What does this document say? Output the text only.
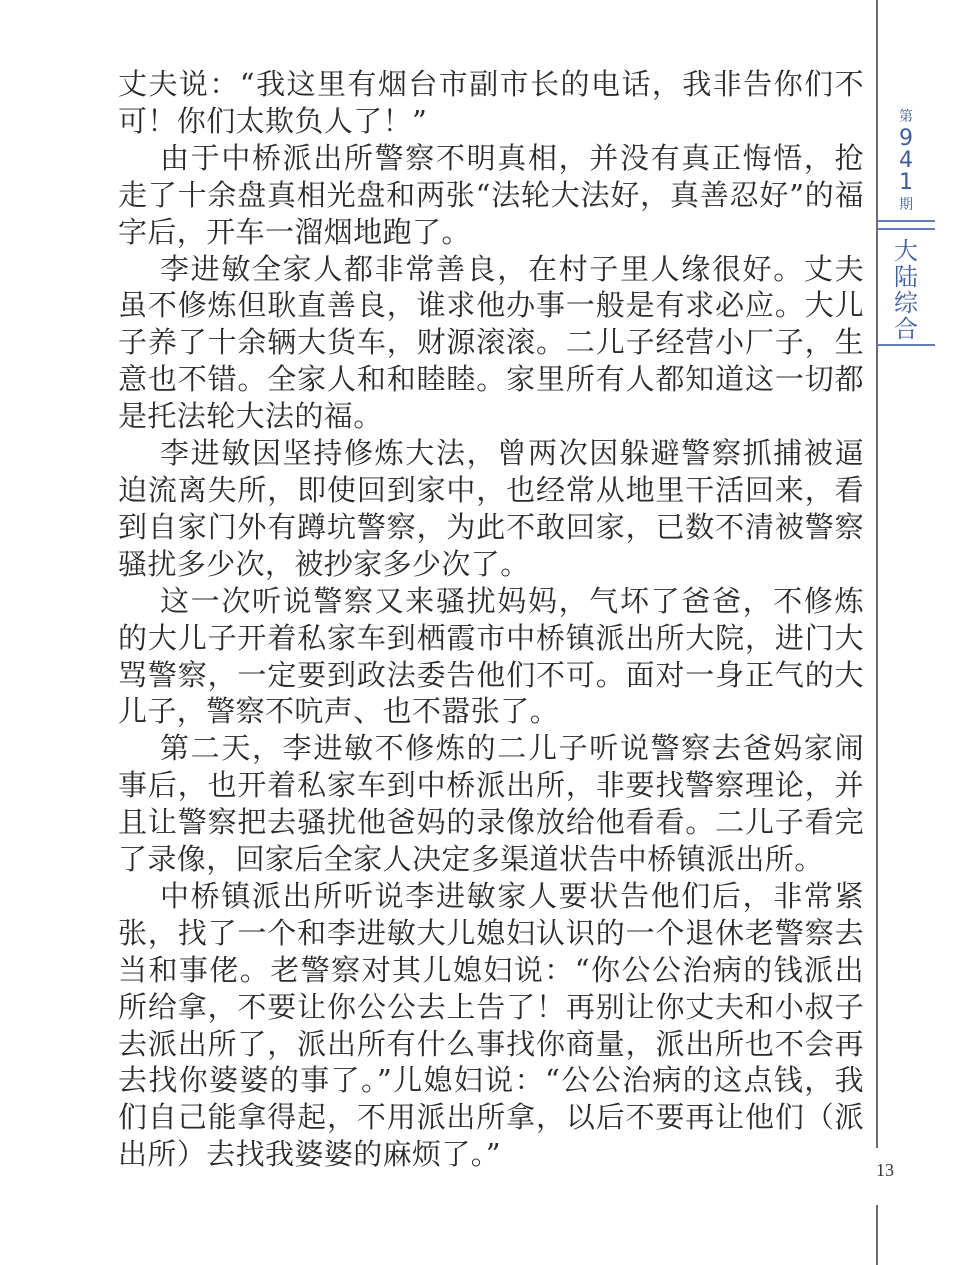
丈夫说：“我这里有烟台市副市长的电话，我非告你们不可！你们太欺负人了！”

由于中桥派出所警察不明真相，并没有真正悔悟，抢走了十余盘真相光盘和两张“法轮大法好，真善忍好”的福字后，开车一溜烟地跑了。

李进敏全家人都非常善良，在村子里人缘很好。丈夫虽不修炼但耿直善良，谁求他办事一般是有求必应。大儿子养了十余辆大货车，财源滚滚。二儿子经营小厂子，生意也不错。全家人和和睦睦。家里所有人都知道这一切都是托法轮大法的福。

李进敏因坚持修炼大法，曾两次因躲避警察抓捕被逼迫流离失所，即使回到家中，也经常从地里干活回来，看到自家门外有蹲坑警察，为此不敢回家，已数不清被警察骚扰多少次，被抄家多少次了。

这一次听说警察又来骚扰妈妈，气坏了爸爸，不修炼的大儿子开着私家车到栖霞市中桥镇派出所大院，进门大骂警察，一定要到政法委告他们不可。面对一身正气的大儿子，警察不吭声、也不嚣张了。

第二天，李进敏不修炼的二儿子听说警察去爸妈家闹事后，也开着私家车到中桥派出所，非要找警察理论，并且让警察把去骚扰他爸妈的录像放给他看看。二儿子看完了录像，回家后全家人决定多渠道状告中桥镇派出所。

中桥镇派出所听说李进敏家人要状告他们后，非常紧张，找了一个和李进敏大儿媳妇认识的一个退休老警察去当和事佬。老警察对其儿媳妇说：“你公公治病的钱派出所给拿，不要让你公公去上告了！再别让你丈夫和小叔子去派出所了，派出所有什么事找你商量，派出所也不会再去找你婆婆的事了。”儿媳妇说：“公公治病的这点钱，我们自己能拿得起，不用派出所拿，以后不要再让他们（派出所）去找我婆婆的麻烦了。”

第
941
期
大陆综合
13
